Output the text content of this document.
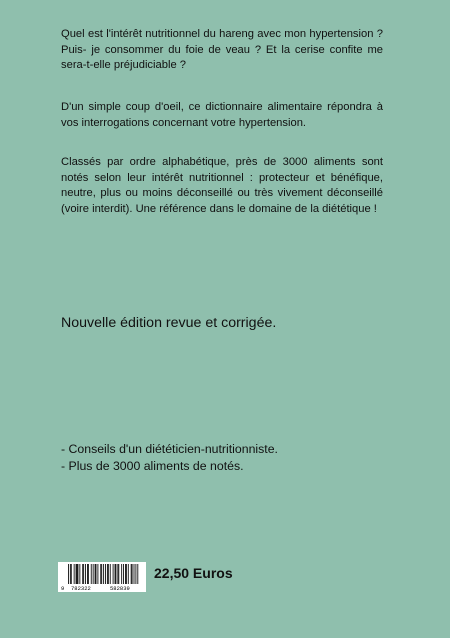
Quel est l'intérêt nutritionnel du hareng avec mon hypertension ? Puis- je consommer du foie de veau ? Et la cerise confite me sera-t-elle préjudiciable ?

D'un simple coup d'oeil, ce dictionnaire alimentaire répondra à vos interrogations concernant votre hypertension.

Classés par ordre alphabétique, près de 3000 aliments sont notés selon leur intérêt nutritionnel : protecteur et bénéfique, neutre, plus ou moins déconseillé ou très vivement déconseillé (voire interdit). Une référence dans le domaine de la diététique !

Nouvelle édition revue et corrigée.

- Conseils d'un diététicien-nutritionniste.
- Plus de 3000 aliments de notés.
9 782322	582839

22,50 Euros
